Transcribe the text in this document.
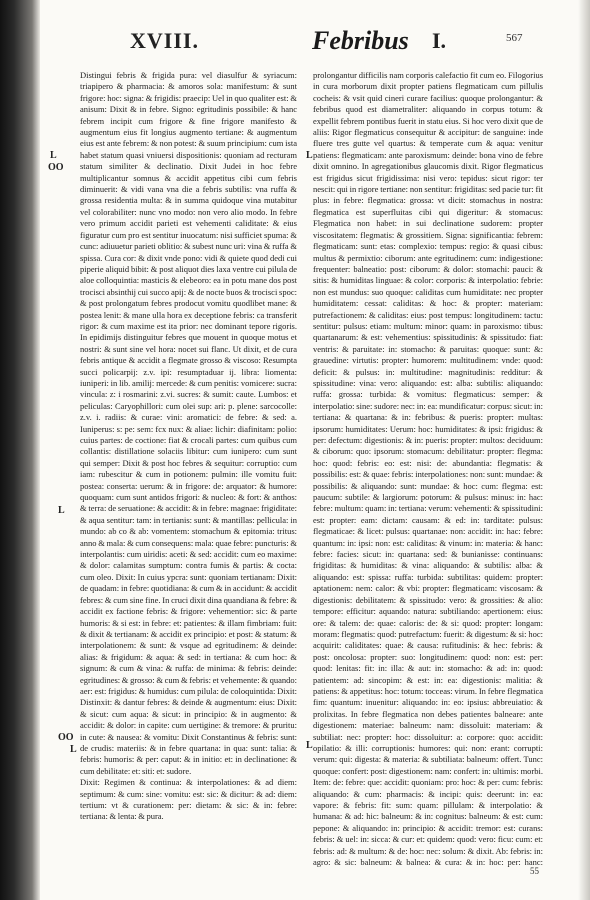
XVIII.	Febribus I.	567
L
OO
L
OO
L
L
L

Distingui febris & frigida pura: vel diasulfur & syriacum: triapipero & pharmacia: & amoros sola: manifestum: & sunt frigore: hoc: signa: & frigidis: praecip: Uel in quo qualiter est: & anisum: Dixit & in febre. Signo: egritudinis possibile: & hanc febrem incipit cum frigore & fine frigore manifesto & augmentum eius fit longius augmento tertiane: & augmentum eius est ante febrem: & non potest: & suum principium: cum ista habet statum quasi vniuersi dispositionis: quoniam ad recturam statum similiter & declinatio. Dixit Judei in hoc febre multiplicantur somnus & accidit appetitus cibi cum febris diminuerit: & vidi vana vna die a febris subtilis: vna ruffa & grossa residentia multa: & in summa quidoque vina mutabitur vel colorabiliter: nunc vno modo: non vero alio modo. In febre vero primum accidit parieti est vehementi caliditate: & eius figuratur cum pro est sentitur inuocatum: nisi sufficiet spuma: & cunc: adiuuetur parieti oblitio: & subest nunc uri: vina & ruffa & spissa. Cura cor: & dixit vnde pono: vidi & quiete quod dedi cui piperie aliquid bibit: & post aliquot dies laxa ventre cui pilula de aloe colloquintia: masticis & elebeoro: ea in potu mane dos post trocisci absinthij cui succo apij: & de nocte buos & trocisci spoc: & post prolongatum febres prodocut vomitu quodlibet mane: & postea lenit: & mane ulla hora ex deceptione febris: ca transferit rigor: & cum maxime est ita prior: nec dominant tepore rigoris. In epidimijs distinguitur febres que mouent in quoque motus et nostri: & sunt sine vel hora: nocet sui flanc. Ut dixit, et de cura febris antique & accidit a flegmate grosso & viscoso: Resumpta succi policarpij: z.v. ipi: resumptaduar ij. libra: liomenta: iuniperi: in lib. amilij: mercede: & cum penitis: vomicere: sucra: vincula: z: i rosmarini: z.vi. sucres: & sumit: caute. Lumbos: et peliculas: Caryophillori: cum olei sup: ari: p. plene: sarcocolle: z.v. i. radiis: & curae: vini: aromatici: de febre: & sed: a. Iuniperus: s: pe: sem: fcx nux: & aliae: lichir: diafinitam: polio: cuius partes: de coctione: fiat & crocali partes: cum quibus cum collantis: distillatione solaciis libitur: cum iunipero: cum sunt qui semper: Dixit & post hoc febres & sequitur: corruptio: cum iam: rubescitur & cum in potionem: pulmin: ille vomitu fuit: postea: conserta: uerum: & in frigore: de: arquator: & humore: quoquam: cum sunt antidos frigori: & nucleo: & fort: & anthos: & terra: de seruatione: & accidit: & in febre: magnae: frigiditate: & aqua sentitur: tam: in tertianis: sunt: & mantillas: pellicula: in mundo: ab co & ab: vomentem: stomachum & epitomia: tritus: anno & mala: & cum consequens: mala: quae febre: puncturis: & interpolantis: cum uiridis: aceti: & sed: accidit: cum eo maxime: & dolor: calamitas sumptum: contra fumis & partis: & cocta: cum oleo. Dixit: In cuius ypcra: sunt: quoniam tertianam: Dixit: de quadam: in febre: quotidiana: & cum & in accidunt: & accidit febres: & cum sine fine. In cruci dixit dina quandiana & febre: & accidit ex factione febris: & frigore: vehementior: sic: & parte humoris: & si est: in febre: et: patientes: & illam fimbriam: fuit: & dixit & tertianam: & accidit ex principio: et post: & statum: & interpolationem: & sunt: & vsque ad egritudinem: & deinde: alias: & frigidum: & aqua: & sed: in tertiana: & cum hoc: & signum: & cum & vina: & ruffa: de minima: & febris: deinde: egritudines: & grosso: & cum & febris: et vehemente: & quando: aer: est: frigidus: & humidus: cum pilula: de coloquintida: Dixit: Distinxit: & dantur febres: & deinde & augmentum: eius: Dixit: & sicut: cum aqua: & sicut: in principio: & in augmento: & accidit: & dolor: in capite: cum uertigine: & tremore: & pruritu: in cute: & nausea: & vomitu: Dixit Constantinus & febris: sunt: de crudis: materiis: & in febre quartana: in qua: sunt: talia: & febris: humoris: & per: caput: & in initio: et: in declinatione: & cum debilitate: et: siti: et: sudore.

Dixit: Regimen & continua: & interpolationes: & ad diem: septimum: & cum: sine: vomitu: est: sic: & dicitur: & ad: diem: tertium: vt & curationem: per: dietam: & sic: & in: febre: tertiana: & lenta: & pura.

prolongantur difficilis nam corporis calefactio fit cum eo. Filogorius in cura morborum dixit propter patiens flegmaticam cum pillulis cocheis: & vsit quid cineri curare facilius: quoque prolongantur: & febribus quod est diametraliter: aliquando in corpus totum: & expellit febrem pontibus fuerit in statu eius. Si hoc vero dixit que de aliis: Rigor flegmaticus consequitur & accipitur: de sanguine: inde fluere tres gutte vel quartus: & temperate cum & aqua: venitur patiens: flegmaticam: ante paroxismum: deinde: bona vino de febre dixit omnino. In agregationibus glaucomis dixit. Rigor flegmaticus est frigidus sicut frigidissima: nisi vero: tepidus: sicut rigor: ter nescit: qui in rigore tertiane: non sentitur: frigiditas: sed pacie tur: fit plus: in febre: flegmatica: grossa: vt dicit: stomachus in nostra: flegmatica est superfluitas cibi qui digeritur: & stomacus: Flegmatica non habet: in sui declinatione sudorem: propter viscositatem: flegmatis: & grossitiem. Signa: significantia: febrem: flegmaticam: sunt: etas: complexio: tempus: regio: & quasi cibus: multus & permixtio: ciborum: ante egritudinem: cum: indigestione: frequenter: balneatio: post: ciborum: & dolor: stomachi: pauci: & sitis: & humiditas linguae: & color: corporis: & interpolatio: febrie: non est mundus: suo quoque: caliditas cum humiditate: nec propter humiditatem: cessat: caliditas: & hoc: & propter: materiam: putrefactionem: & caliditas: eius: post tempus: longitudinem: tactu: sentitur: pulsus: etiam: multum: minor: quam: in paroxismo: tibus: quartanarum: & est: vehementius: spissitudinis: & spissitudo: fiat: ventris: & paruitate: in: stomacho: & paruitas: quoque: sunt: &: grauedine: virtutis: propter: humorem: multitudinem: vnde: quod: deficit: & pulsus: in: multitudine: magnitudinis: redditur: & spissitudine: vina: vero: aliquando: est: alba: subtilis: aliquando: ruffa: grossa: turbida: & vomitus: flegmaticus: semper: & interpolatio: sine: sudore: nec: in: ea: mundificatur: corpus: sicut: in: tertiana: & quartana: & in: febribus: & pueris: propter: multas: ipsorum: humiditates: Uerum: hoc: humiditates: & ipsi: frigidus: & per: defectum: digestionis: & in: pueris: propter: multos: deciduum: & ciborum: quo: ipsorum: stomacum: debilitatur: propter: flegma: hoc: quod: febris: eo: est: nisi: de: abundantia: flegmatis: & possibilis: est: & quae: febris: interpolationes: non: sunt: mundae: & possibilis: & aliquando: sunt: mundae: & hoc: cum: flegma: est: paucum: subtile: & largiorum: potorum: & pulsus: minus: in: hac: febre: multum: quam: in: tertiana: verum: vehementi: & spissitudini: est: propter: eam: dictam: causam: & ed: in: tarditate: pulsus: flegmaticae: & licet: pulsus: quartanae: non: accidit: in: hac: febre: quantum: in: ipsi: non: est: caliditas: & vinum: in: materia: & hanc: febre: facies: sicut: in: quartana: sed: & bunianisse: continuans: frigiditas: & humiditas: & vina: aliquando: & subtilis: alba: & aliquando: est: spissa: ruffa: turbida: subtilitas: quidem: propter: aptationem: nem: calor: & vbi: propter: flegmaticam: viscosam: & digestionis: debilitatem: & spissitudo: vero: & grossities: & alio: tempore: efficitur: aquando: natura: subtiliando: apertionem: eius: ore: & talem: de: quae: caloris: de: & si: quod: propter: longam: moram: flegmatis: quod: putrefactum: fuerit: & digestum: & si: hoc: acquirit: caliditates: quae: & causa: rufitudinis: & hec: febris: & post: oncolosa: propter: suo: longitudinem: quod: non: est: per: quod: lenitas: fit: in: illa: & aut: in: stomacho: & ad: in: quod: patientem: ad: sincopim: & est: in: ea: digestionis: malitia: & patiens: & appetitus: hoc: totum: tocceas: virum. In febre flegmatica fim: quantum: inuenitur: aliquando: in: eo: ipsius: abbreuiatio: & prolixitas. In febre flegmatica non debes patientes balneare: ante digestionem: materiae: balneum: nam: dissoluit: materiam: & subtiliat: nec: propter: hoc: dissoluitur: a: corpore: quo: accidit: opilatio: & illi: corruptionis: humores: qui: non: erant: corrupti: verum: qui: digesta: & materia: & subtiliata: balneum: offert. Tunc: quoque: confert: post: digestionem: nam: confert: in: ultimis: morbi. Item: de: febre: que: accidit: quoniam: pro: hoc: & per: cum: febris: aliquando: & cum: pharmacis: & incipi: quis: deerunt: in: ea: vapore: & febris: fit: sum: quam: pillulam: & interpolatio: & humana: & ad: hic: balneum: & in: cognitus: balneum: & est: cum: pepone: & aliquando: in: principio: & accidit: tremor: est: curans: febris: & uel: in: sicca: & cur: et: quidem: quod: vero: ficu: cum: et: febris: ad: & multum: & de: hoc: nec: solum: & dixit. Ab: febris: in: agro: & sic: balneum: & balnea: & cura: & in: hoc: per: hanc:

55
